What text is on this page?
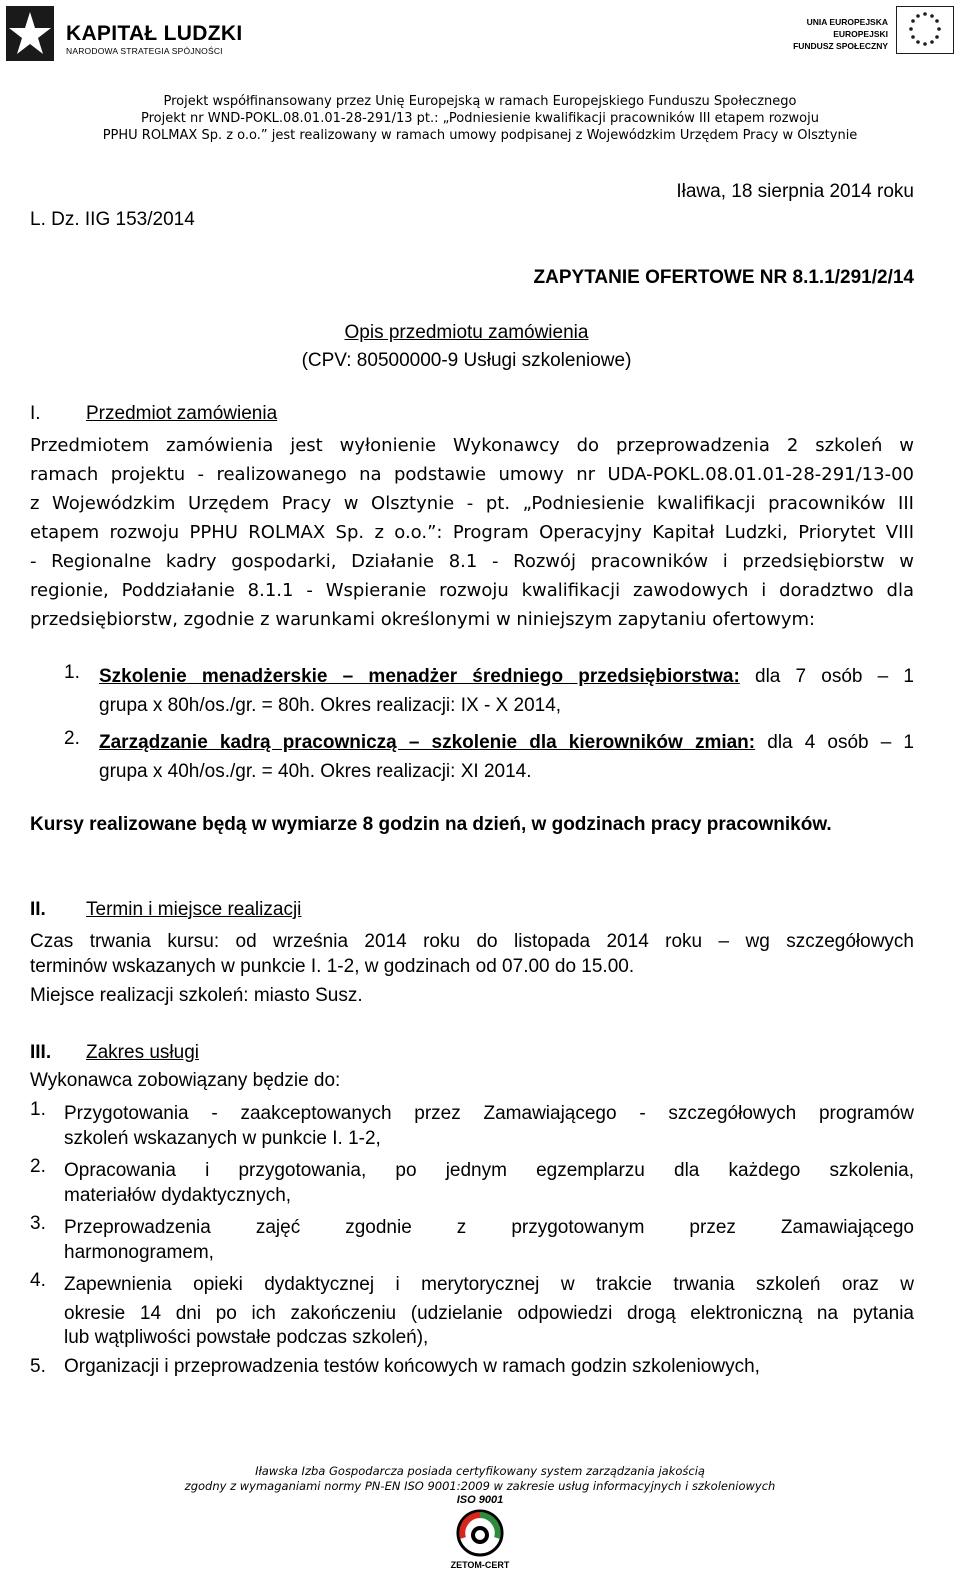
KAPITAŁ LUDZKI
NARODOWA STRATEGIA SPÓJNOŚCI
UNIA EUROPEJSKA
EUROPEJSKI
FUNDUSZ SPOŁECZNY
Projekt współfinansowany przez Unię Europejską w ramach Europejskiego Funduszu Społecznego
Projekt nr WND-POKL.08.01.01-28-291/13 pt.: „Podniesienie kwalifikacji pracowników III etapem rozwoju
PPHU ROLMAX Sp. z o.o.” jest realizowany w ramach umowy podpisanej z Wojewódzkim Urzędem Pracy w Olsztynie
L. Dz. IIG 153/2014
Iława, 18 sierpnia 2014 roku
ZAPYTANIE OFERTOWE NR 8.1.1/291/2/14
Opis przedmiotu zamówienia
(CPV: 80500000-9 Usługi szkoleniowe)
I. Przedmiot zamówienia
Przedmiotem zamówienia jest wyłonienie Wykonawcy do przeprowadzenia 2 szkoleń w
ramach projektu - realizowanego na podstawie umowy nr UDA-POKL.08.01.01-28-291/13-00
z Wojewódzkim Urzędem Pracy w Olsztynie - pt. „Podniesienie kwalifikacji pracowników III
etapem rozwoju PPHU ROLMAX Sp. z o.o.”: Program Operacyjny Kapitał Ludzki, Priorytet VIII
- Regionalne kadry gospodarki, Działanie 8.1 - Rozwój pracowników i przedsiębiorstw w
regionie, Poddziałanie 8.1.1 - Wspieranie rozwoju kwalifikacji zawodowych i doradztwo dla
przedsiębiorstw, zgodnie z warunkami określonymi w niniejszym zapytaniu ofertowym:
1. Szkolenie menadżerskie – menadżer średniego przedsiębiorstwa: dla 7 osób – 1
grupa x 80h/os./gr. = 80h. Okres realizacji: IX - X 2014,
2. Zarządzanie kadrą pracowniczą – szkolenie dla kierowników zmian: dla 4 osób – 1
grupa x 40h/os./gr. = 40h. Okres realizacji: XI 2014.
Kursy realizowane będą w wymiarze 8 godzin na dzień, w godzinach pracy pracowników.
II. Termin i miejsce realizacji
Czas trwania kursu: od września 2014 roku do listopada 2014 roku – wg szczegółowych
terminów wskazanych w punkcie I. 1-2, w godzinach od 07.00 do 15.00.
Miejsce realizacji szkoleń: miasto Susz.
III. Zakres usługi
Wykonawca zobowiązany będzie do:
1. Przygotowania - zaakceptowanych przez Zamawiającego - szczegółowych programów
szkoleń wskazanych w punkcie I. 1-2,
2. Opracowania i przygotowania, po jednym egzemplarzu dla każdego szkolenia,
materiałów dydaktycznych,
3. Przeprowadzenia zajęć zgodnie z przygotowanym przez Zamawiającego
harmonogramem,
4. Zapewnienia opieki dydaktycznej i merytorycznej w trakcie trwania szkoleń oraz w
okresie 14 dni po ich zakończeniu (udzielanie odpowiedzi drogą elektroniczną na pytania
lub wątpliwości powstałe podczas szkoleń),
5. Organizacji i przeprowadzenia testów końcowych w ramach godzin szkoleniowych,
Iławska Izba Gospodarcza posiada certyfikowany system zarządzania jakością
zgodny z wymaganiami normy PN-EN ISO 9001:2009 w zakresie usług informacyjnych i szkoleniowych
ISO 9001
ZETOM-CERT
